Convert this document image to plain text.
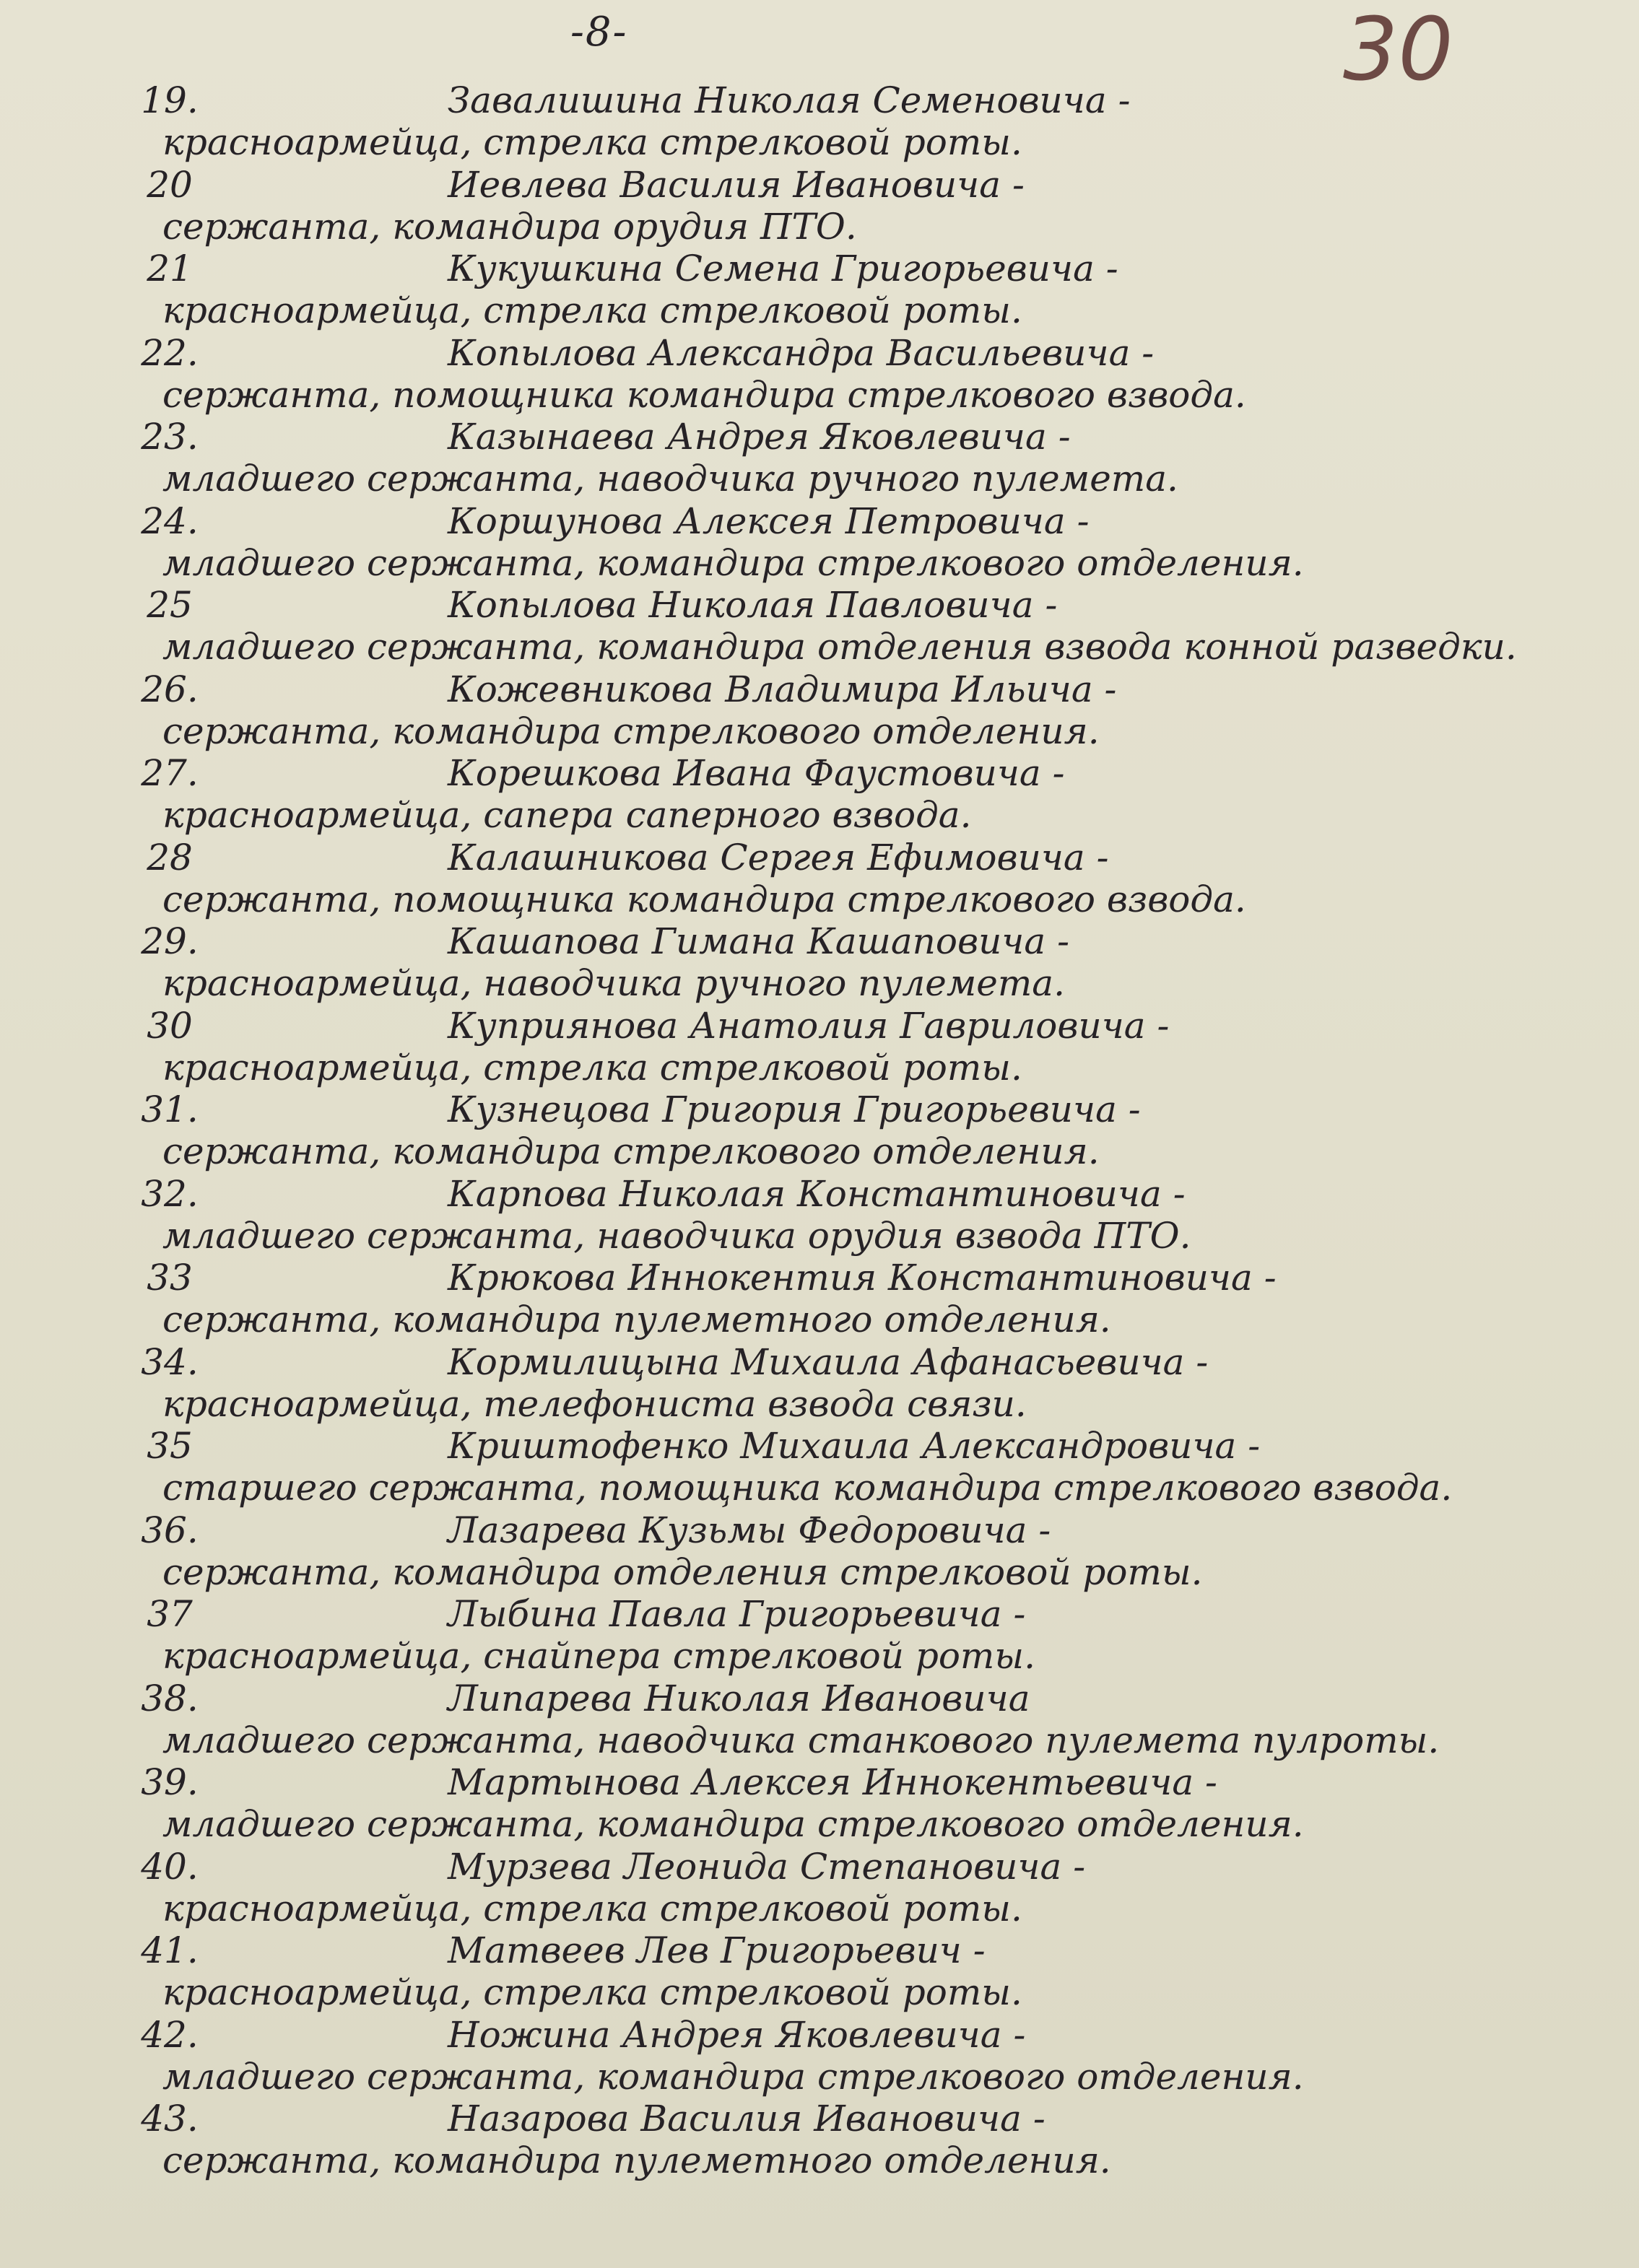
-8-	30
19.	Завалишина Николая Семеновича -
красноармейца, стрелка стрелковой роты.
20	Иевлева Василия Ивановича -
сержанта, командира орудия ПТО.
21	Кукушкина Семена Григорьевича -
красноармейца, стрелка стрелковой роты.
22.	Копылова Александра Васильевича -
сержанта, помощника командира стрелкового взвода.
23.	Казынаева Андрея Яковлевича -
младшего сержанта, наводчика ручного пулемета.
24.	Коршунова Алексея Петровича -
младшего сержанта, командира стрелкового отделения.
25	Копылова Николая Павловича -
младшего сержанта, командира отделения взвода конной разведки.
26.	Кожевникова Владимира Ильича -
сержанта, командира стрелкового отделения.
27.	Корешкова Ивана Фаустовича -
красноармейца, сапера саперного взвода.
28	Калашникова Сергея Ефимовича -
сержанта, помощника командира стрелкового взвода.
29.	Кашапова Гимана Кашаповича -
красноармейца, наводчика ручного пулемета.
30	Куприянова Анатолия Гавриловича -
красноармейца, стрелка стрелковой роты.
31.	Кузнецова Григория Григорьевича -
сержанта, командира стрелкового отделения.
32.	Карпова Николая Константиновича -
младшего сержанта, наводчика орудия взвода ПТО.
33	Крюкова Иннокентия Константиновича -
сержанта, командира пулеметного отделения.
34.	Кормилицына Михаила Афанасьевича -
красноармейца, телефониста взвода связи.
35	Криштофенко Михаила Александровича -
старшего сержанта, помощника командира стрелкового взвода.
36.	Лазарева Кузьмы Федоровича -
сержанта, командира отделения стрелковой роты.
37	Лыбина Павла Григорьевича -
красноармейца, снайпера стрелковой роты.
38.	Липарева Николая Ивановича
младшего сержанта, наводчика станкового пулемета пулроты.
39.	Мартынова Алексея Иннокентьевича -
младшего сержанта, командира стрелкового отделения.
40.	Мурзева Леонида Степановича -
красноармейца, стрелка стрелковой роты.
41.	Матвеев Лев Григорьевич -
красноармейца, стрелка стрелковой роты.
42.	Ножина Андрея Яковлевича -
младшего сержанта, командира стрелкового отделения.
43.	Назарова Василия Ивановича -
сержанта, командира пулеметного отделения.
